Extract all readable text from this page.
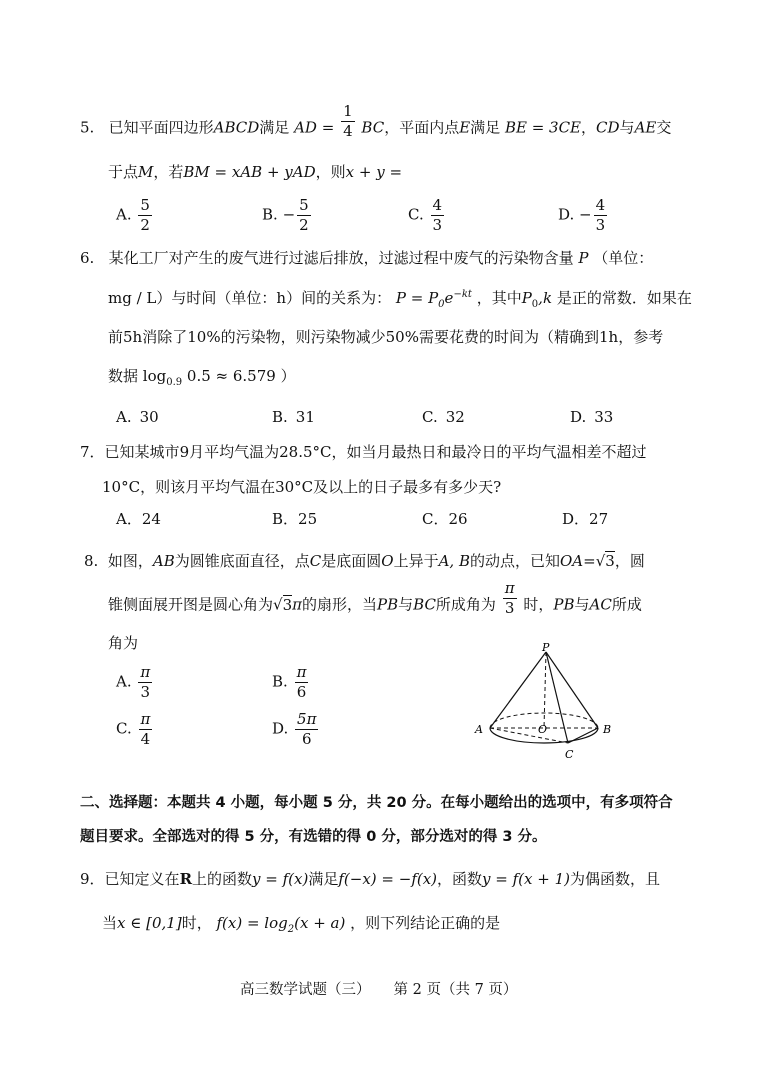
5. 已知平面四边形ABCD满足 AD = $\frac{1}{4}$ BC，平面内点E满足 BE = 3CE，CD与AE交
于点M，若BM = xAB + yAD，则x + y =
A. $\frac{5}{2}$	B. − $\frac{5}{2}$	C. $\frac{4}{3}$	D. − $\frac{4}{3}$
6. 某化工厂对产生的废气进行过滤后排放，过滤过程中废气的污染物含量 P （单位：
mg / L）与时间（单位：h）间的关系为： $P = P_0e^{-kt}$ ，其中$P_0,k$ 是正的常数．如果在
前5h消除了10%的污染物，则污染物减少50%需要花费的时间为（精确到1h，参考
数据 $\log_{0.9} 0.5 \approx 6.579$ ）
A. 30	B. 31	C. 32	D. 33
7．已知某城市9月平均气温为28.5°C，如当月最热日和最冷日的平均气温相差不超过
10°C，则该月平均气温在30°C及以上的日子最多有多少天?
A．24	B．25	C．26	D．27
8. 如图，AB为圆锥底面直径，点C是底面圆O上异于A, B的动点，已知OA=√3，圆
锥侧面展开图是圆心角为√3π的扇形，当PB与BC所成角为 $\frac{\pi}{3}$ 时，PB与AC所成
角为
A. $\frac{\pi}{3}$	B. $\frac{\pi}{6}$
C. $\frac{\pi}{4}$	D. $\frac{5\pi}{6}$
P
A	O	B
C
二、选择题：本题共 4 小题，每小题 5 分，共 20 分。在每小题给出的选项中，有多项符合
题目要求。全部选对的得 5 分，有选错的得 0 分，部分选对的得 3 分。
9．已知定义在R上的函数y = f(x)满足f(−x) = −f(x)，函数y = f(x + 1)为偶函数，且
当x ∈ [0,1]时， $f(x) = \log_2(x + a)$ ，则下列结论正确的是
高三数学试题（三） 第 2 页（共 7 页）
